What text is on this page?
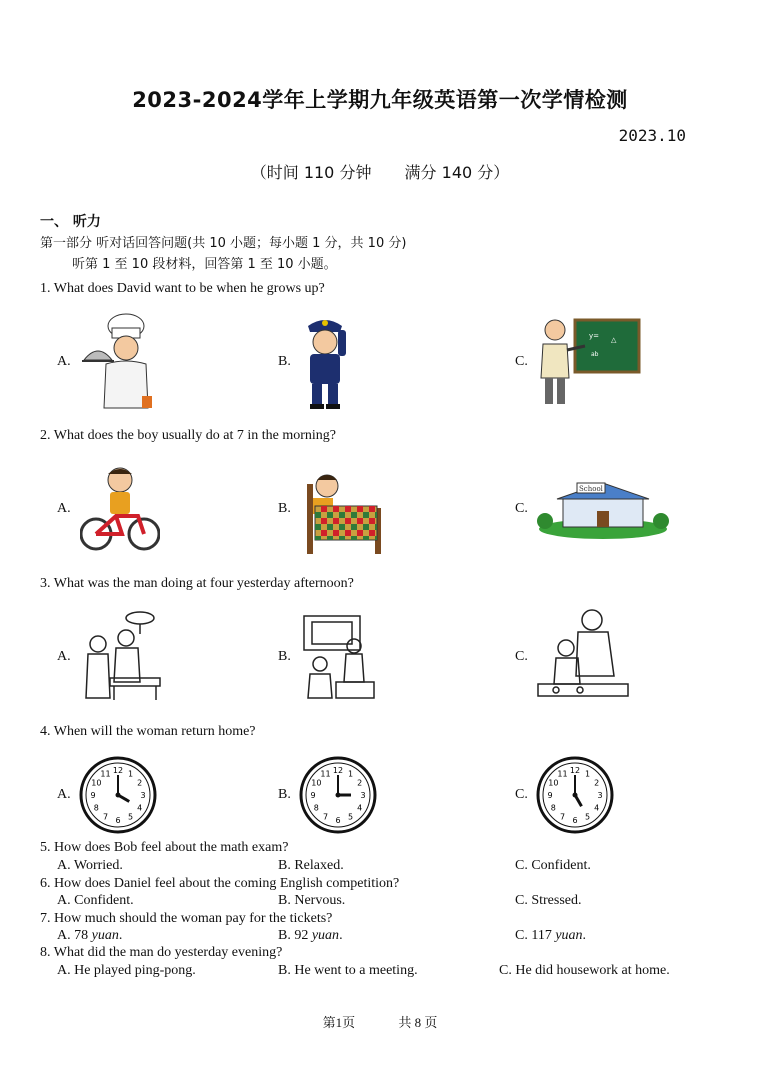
2023-2024学年上学期九年级英语第一次学情检测
2023.10
（时间 110 分钟 满分 140 分）
一、 听力
第一部分 听对话回答问题(共 10 小题；每小题 1 分，共 10 分)
听第 1 至 10 段材料，回答第 1 至 10 小题。
1. What does David want to be when he grows up?
A.	B.	C.
y= △
ab
2. What does the boy usually do at 7 in the morning?
A.	B.	C.
School
3. What was the man doing at four yesterday afternoon?
A.	B.	C.
4. When will the woman return home?
A.	B.	C.
1
2
3
4
5
6
7
8
9
10
11 12	1
2
3
4
5
6
7
8
9
10
11 12	1
2
3
4
5
6
7
8
9
10
11 12
5. How does Bob feel about the math exam?
A. Worried.	B. Relaxed.	C. Confident.
6. How does Daniel feel about the coming English competition?
A. Confident.	B. Nervous.	C. Stressed.
7. How much should the woman pay for the tickets?
A. 78 yuan.	B. 92 yuan.	C. 117 yuan.
8. What did the man do yesterday evening?
A. He played ping-pong.	B. He went to a meeting.	C. He did housework at home.
第1页	共 8 页
